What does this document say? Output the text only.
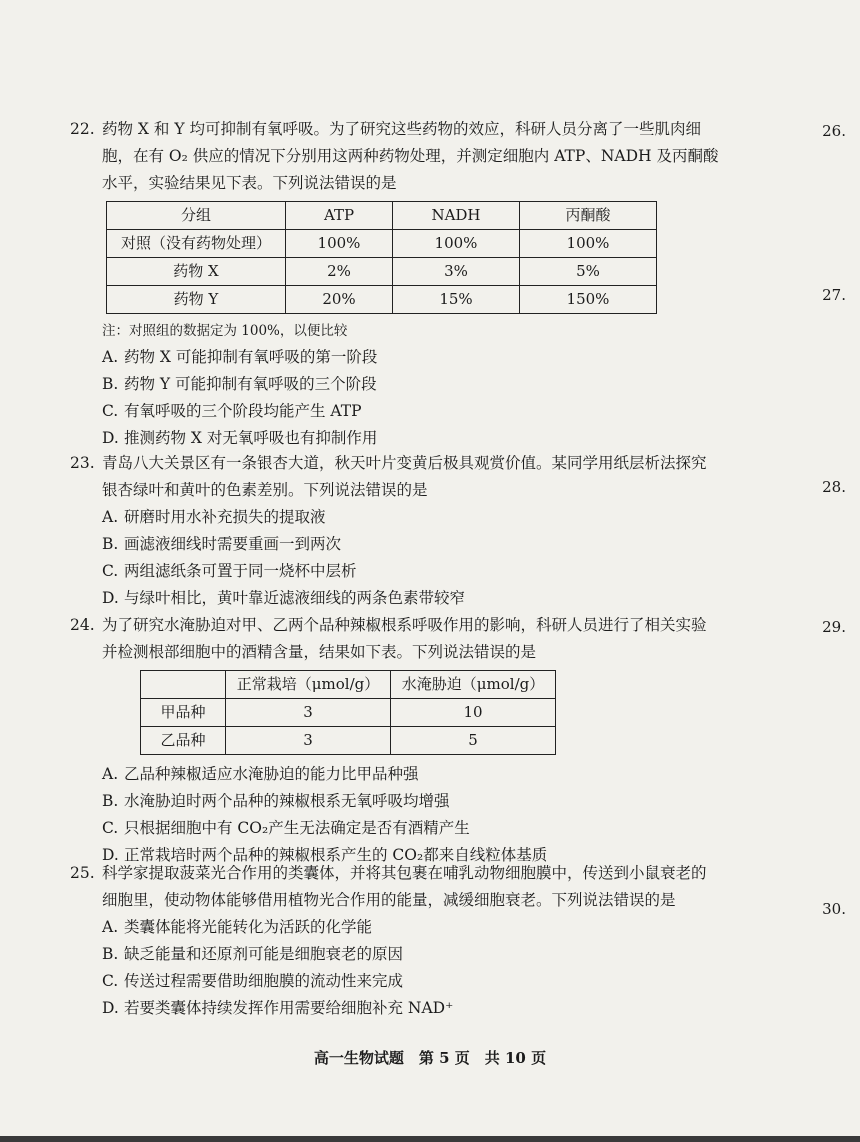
22. 药物 X 和 Y 均可抑制有氧呼吸。为了研究这些药物的效应，科研人员分离了一些肌肉细
胞，在有 O₂ 供应的情况下分别用这两种药物处理，并测定细胞内 ATP、NADH 及丙酮酸
水平，实验结果见下表。下列说法错误的是
分组	ATP	NADH	丙酮酸
对照（没有药物处理）	100%	100%	100%
药物 X	2%	3%	5%
药物 Y	20%	15%	150%
注：对照组的数据定为 100%，以便比较
A. 药物 X 可能抑制有氧呼吸的第一阶段
B. 药物 Y 可能抑制有氧呼吸的三个阶段
C. 有氧呼吸的三个阶段均能产生 ATP
D. 推测药物 X 对无氧呼吸也有抑制作用
23. 青岛八大关景区有一条银杏大道，秋天叶片变黄后极具观赏价值。某同学用纸层析法探究
银杏绿叶和黄叶的色素差别。下列说法错误的是
A. 研磨时用水补充损失的提取液
B. 画滤液细线时需要重画一到两次
C. 两组滤纸条可置于同一烧杯中层析
D. 与绿叶相比，黄叶靠近滤液细线的两条色素带较窄
24. 为了研究水淹胁迫对甲、乙两个品种辣椒根系呼吸作用的影响，科研人员进行了相关实验
并检测根部细胞中的酒精含量，结果如下表。下列说法错误的是
	正常栽培（μmol/g）	水淹胁迫（μmol/g）
甲品种	3	10
乙品种	3	5
A. 乙品种辣椒适应水淹胁迫的能力比甲品种强
B. 水淹胁迫时两个品种的辣椒根系无氧呼吸均增强
C. 只根据细胞中有 CO₂产生无法确定是否有酒精产生
D. 正常栽培时两个品种的辣椒根系产生的 CO₂都来自线粒体基质
25. 科学家提取菠菜光合作用的类囊体，并将其包裹在哺乳动物细胞膜中，传送到小鼠衰老的
细胞里，使动物体能够借用植物光合作用的能量，减缓细胞衰老。下列说法错误的是
A. 类囊体能将光能转化为活跃的化学能
B. 缺乏能量和还原剂可能是细胞衰老的原因
C. 传送过程需要借助细胞膜的流动性来完成
D. 若要类囊体持续发挥作用需要给细胞补充 NAD⁺
26.
27.
28.
29.
30.
高一生物试题　第 5 页　共 10 页
